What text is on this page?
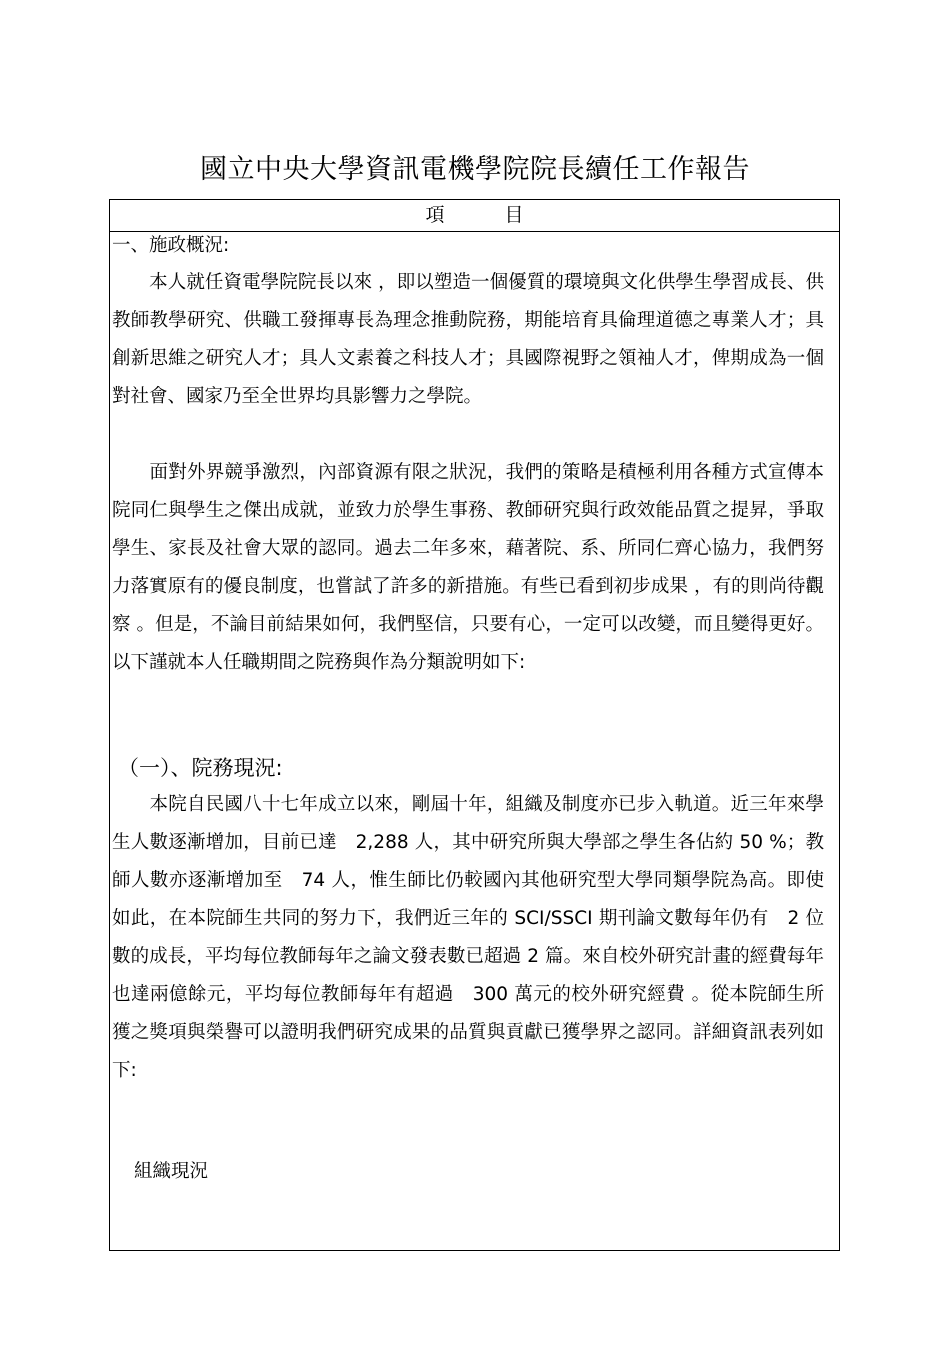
國立中央大學資訊電機學院院長續任工作報告
項目
一、施政概況:
　　本人就任資電學院院長以來 ，即以塑造一個優質的環境與文化供學生學習成長、供教師教學研究、供職工發揮專長為理念推動院務，期能培育具倫理道德之專業人才；具創新思維之研究人才；具人文素養之科技人才；具國際視野之領袖人才，俾期成為一個對社會、國家乃至全世界均具影響力之學院。
　　面對外界競爭激烈，內部資源有限之狀況，我們的策略是積極利用各種方式宣傳本院同仁與學生之傑出成就，並致力於學生事務、教師研究與行政效能品質之提昇，爭取學生、家長及社會大眾的認同。過去二年多來，藉著院、系、所同仁齊心協力，我們努力落實原有的優良制度，也嘗試了許多的新措施。有些已看到初步成果 ，有的則尚待觀察 。但是，不論目前結果如何，我們堅信，只要有心，一定可以改變，而且變得更好。以下謹就本人任職期間之院務與作為分類說明如下:
（一）、院務現況:
　　本院自民國八十七年成立以來，剛屆十年，組織及制度亦已步入軌道。近三年來學生人數逐漸增加，目前已達　2,288 人，其中研究所與大學部之學生各佔約 50 %；教師人數亦逐漸增加至　74 人，惟生師比仍較國內其他研究型大學同類學院為高。即使如此，在本院師生共同的努力下，我們近三年的 SCI/SSCI 期刊論文數每年仍有　2 位數的成長，平均每位教師每年之論文發表數已超過 2 篇。來自校外研究計畫的經費每年也達兩億餘元，平均每位教師每年有超過　300 萬元的校外研究經費 。從本院師生所獲之獎項與榮譽可以證明我們研究成果的品質與貢獻已獲學界之認同。詳細資訊表列如下:
組織現況
